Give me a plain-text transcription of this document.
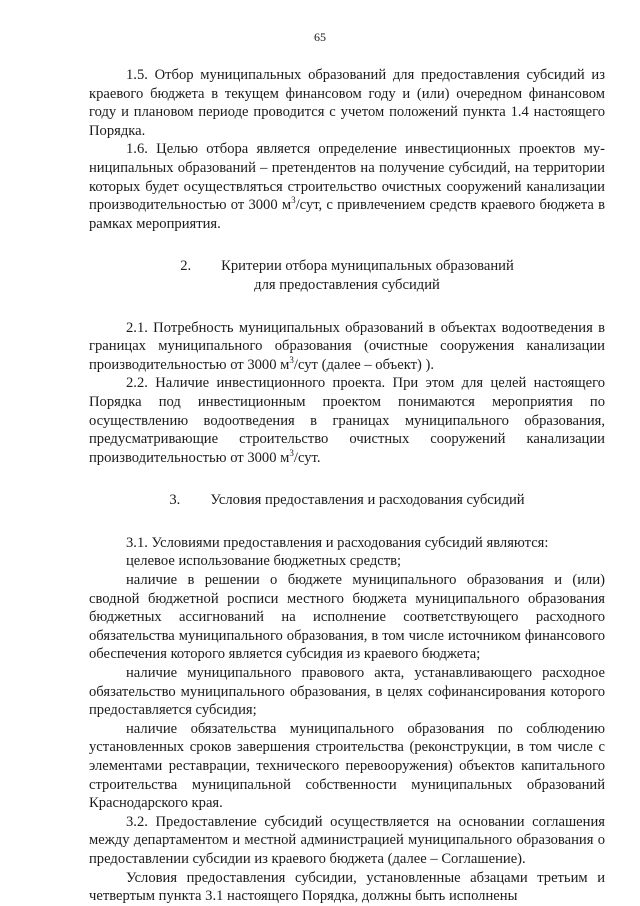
65

1.5. Отбор муниципальных образований для предоставления субсидий из краевого бюджета в текущем финансовом году и (или) очередном финансовом году и плановом периоде проводится с учетом положений пункта 1.4 настоящего Порядка.

1.6. Целью отбора является определение инвестиционных проектов муниципальных образований – претендентов на получение субсидий, на территории которых будет осуществляться строительство очистных сооружений канализации производительностью от 3000 $м^3$/сут, с привлечением средств краевого бюджета в рамках мероприятия.

2. Критерии отбора муниципальных образований
для предоставления субсидий

2.1. Потребность муниципальных образований в объектах водоотведения в границах муниципального образования (очистные сооружения канализации производительностью от 3000 $м^3$/сут (далее – объект) ).

2.2. Наличие инвестиционного проекта. При этом для целей настоящего Порядка под инвестиционным проектом понимаются мероприятия по осуществлению водоотведения в границах муниципального образования, предусматривающие строительство очистных сооружений канализации производительностью от 3000 $м^3$/сут.

3. Условия предоставления и расходования субсидий

3.1. Условиями предоставления и расходования субсидий являются:

целевое использование бюджетных средств;

наличие в решении о бюджете муниципального образования и (или) сводной бюджетной росписи местного бюджета муниципального образования бюджетных ассигнований на исполнение соответствующего расходного обязательства муниципального образования, в том числе источником финансового обеспечения которого является субсидия из краевого бюджета;

наличие муниципального правового акта, устанавливающего расходное обязательство муниципального образования, в целях софинансирования которого предоставляется субсидия;

наличие обязательства муниципального образования по соблюдению установленных сроков завершения строительства (реконструкции, в том числе с элементами реставрации, технического перевооружения) объектов капитального строительства муниципальной собственности муниципальных образований Краснодарского края.

3.2. Предоставление субсидий осуществляется на основании соглашения между департаментом и местной администрацией муниципального образования о предоставлении субсидии из краевого бюджета (далее – Соглашение).

Условия предоставления субсидии, установленные абзацами третьим и четвертым пункта 3.1 настоящего Порядка, должны быть исполнены
